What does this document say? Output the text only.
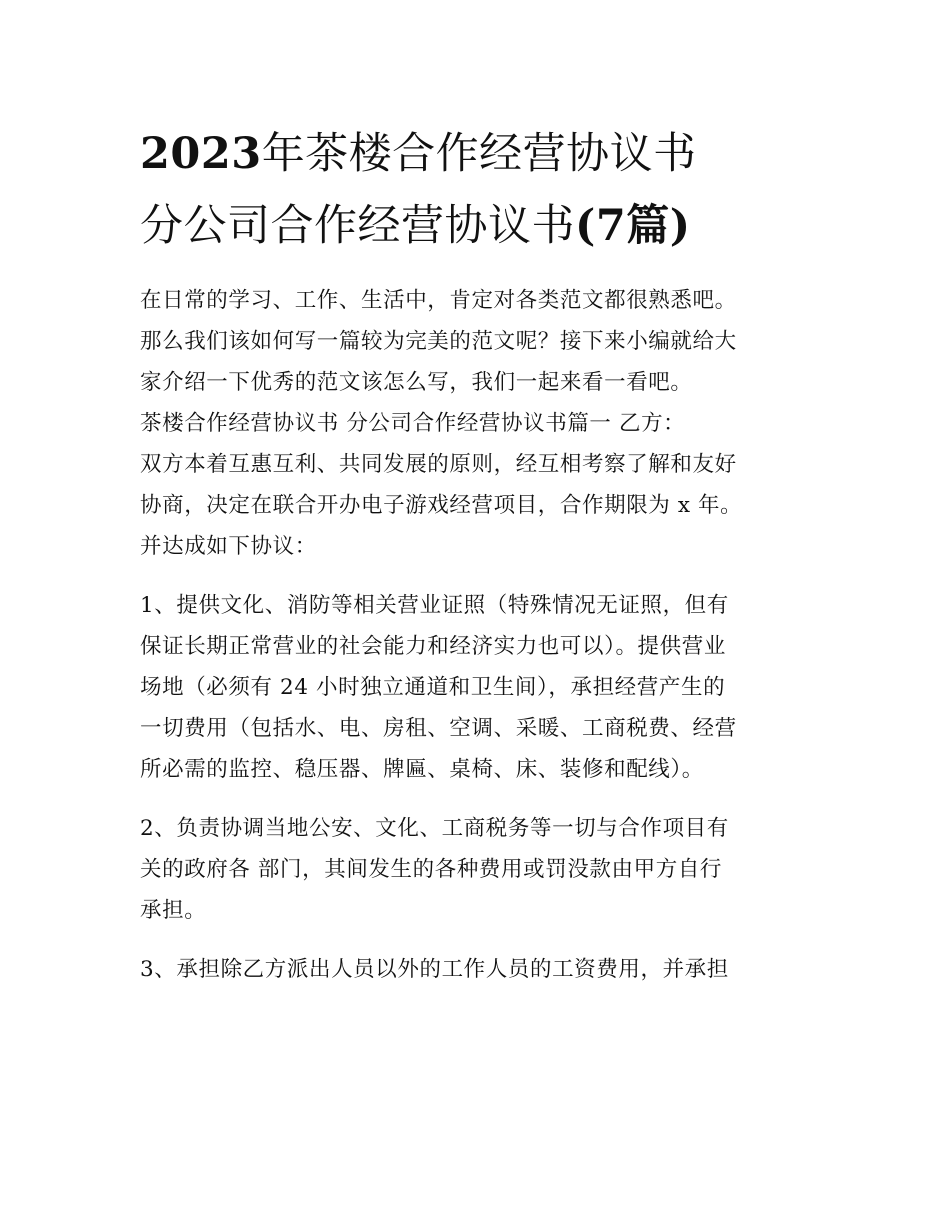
2023年茶楼合作经营协议书
分公司合作经营协议书(7篇)
在日常的学习、工作、生活中，肯定对各类范文都很熟悉吧。
那么我们该如何写一篇较为完美的范文呢？接下来小编就给大
家介绍一下优秀的范文该怎么写，我们一起来看一看吧。
茶楼合作经营协议书 分公司合作经营协议书篇一 乙方：
双方本着互惠互利、共同发展的原则，经互相考察了解和友好
协商，决定在联合开办电子游戏经营项目，合作期限为 x 年。
并达成如下协议：
1、提供文化、消防等相关营业证照（特殊情况无证照，但有
保证长期正常营业的社会能力和经济实力也可以）。提供营业
场地（必须有 24 小时独立通道和卫生间），承担经营产生的
一切费用（包括水、电、房租、空调、采暖、工商税费、经营
所必需的监控、稳压器、牌匾、桌椅、床、装修和配线）。
2、负责协调当地公安、文化、工商税务等一切与合作项目有
关的政府各 部门，其间发生的各种费用或罚没款由甲方自行
承担。
3、承担除乙方派出人员以外的工作人员的工资费用，并承担
